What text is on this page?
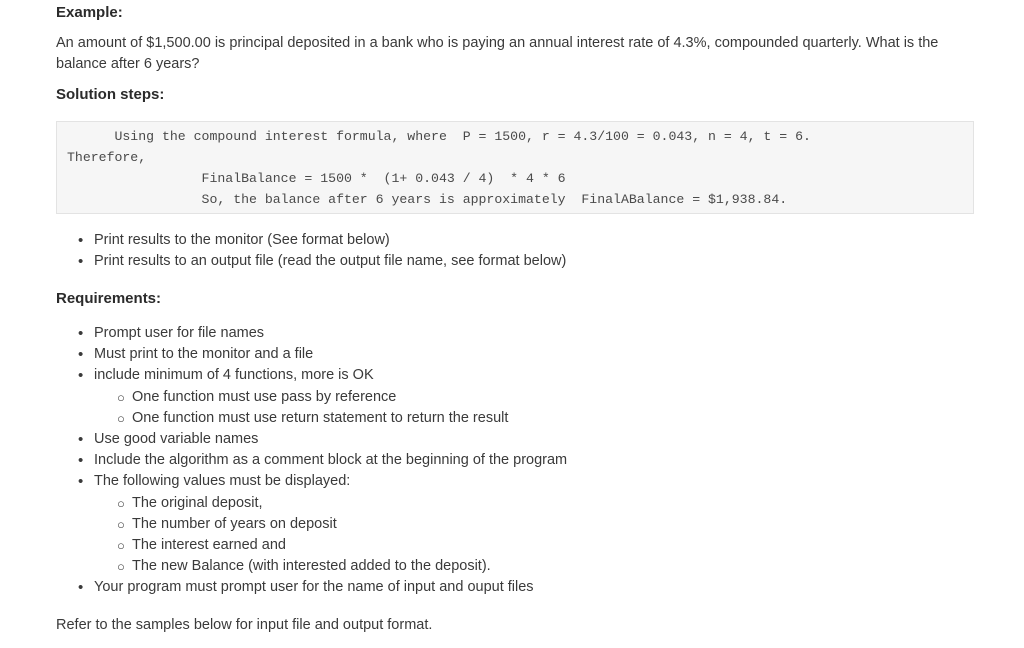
Example:
An amount of $1,500.00 is principal deposited in a bank who is paying an annual interest rate of 4.3%, compounded quarterly. What is the
balance after 6 years?
Solution steps:
Using the compound interest formula, where  P = 1500, r = 4.3/100 = 0.043, n = 4, t = 6.
Therefore,
FinalBalance = 1500 *  (1+ 0.043 / 4)  * 4 * 6
So, the balance after 6 years is approximately  FinalABalance = $1,938.84.
• Print results to the monitor (See format below)
• Print results to an output file (read the output file name, see format below)
Requirements:
• Prompt user for file names
• Must print to the monitor and a file
• include minimum of 4 functions, more is OK
○ One function must use pass by reference
○ One function must use return statement to return the result
• Use good variable names
• Include the algorithm as a comment block at the beginning of the program
• The following values must be displayed:
○ The original deposit,
○ The number of years on deposit
○ The interest earned and
○ The new Balance (with interested added to the deposit).
• Your program must prompt user for the name of input and ouput files
Refer to the samples below for input file and output format.
